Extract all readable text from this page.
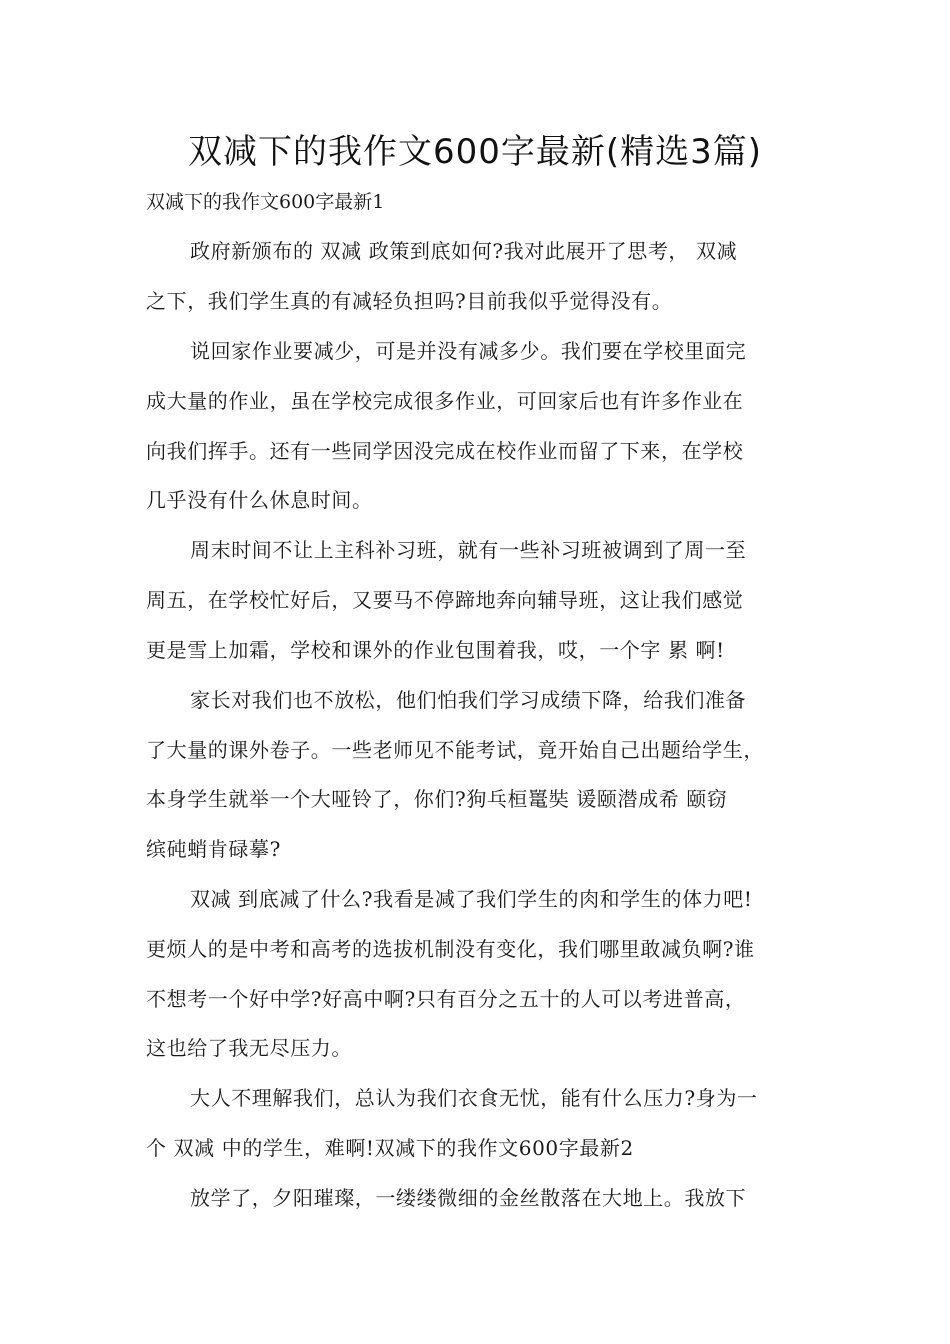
双减下的我作文600字最新(精选3篇)
双减下的我作文600字最新1
政府新颁布的 双减 政策到底如何?我对此展开了思考， 双减
之下，我们学生真的有减轻负担吗?目前我似乎觉得没有。
说回家作业要减少，可是并没有减多少。我们要在学校里面完
成大量的作业，虽在学校完成很多作业，可回家后也有许多作业在
向我们挥手。还有一些同学因没完成在校作业而留了下来，在学校
几乎没有什么休息时间。
周末时间不让上主科补习班，就有一些补习班被调到了周一至
周五，在学校忙好后，又要马不停蹄地奔向辅导班，这让我们感觉
更是雪上加霜，学校和课外的作业包围着我，哎，一个字 累 啊!
家长对我们也不放松，他们怕我们学习成绩下降，给我们准备
了大量的课外卷子。一些老师见不能考试，竟开始自己出题给学生，
本身学生就举一个大哑铃了，你们?狗乓桓鼍奘 谖颐潜成希 颐窃
缤砘蛸肯碌摹?
双减 到底减了什么?我看是减了我们学生的肉和学生的体力吧!
更烦人的是中考和高考的选拔机制没有变化，我们哪里敢减负啊?谁
不想考一个好中学?好高中啊?只有百分之五十的人可以考进普高，
这也给了我无尽压力。
大人不理解我们，总认为我们衣食无忧，能有什么压力?身为一
个 双减 中的学生，难啊!双减下的我作文600字最新2
放学了，夕阳璀璨，一缕缕微细的金丝散落在大地上。我放下
